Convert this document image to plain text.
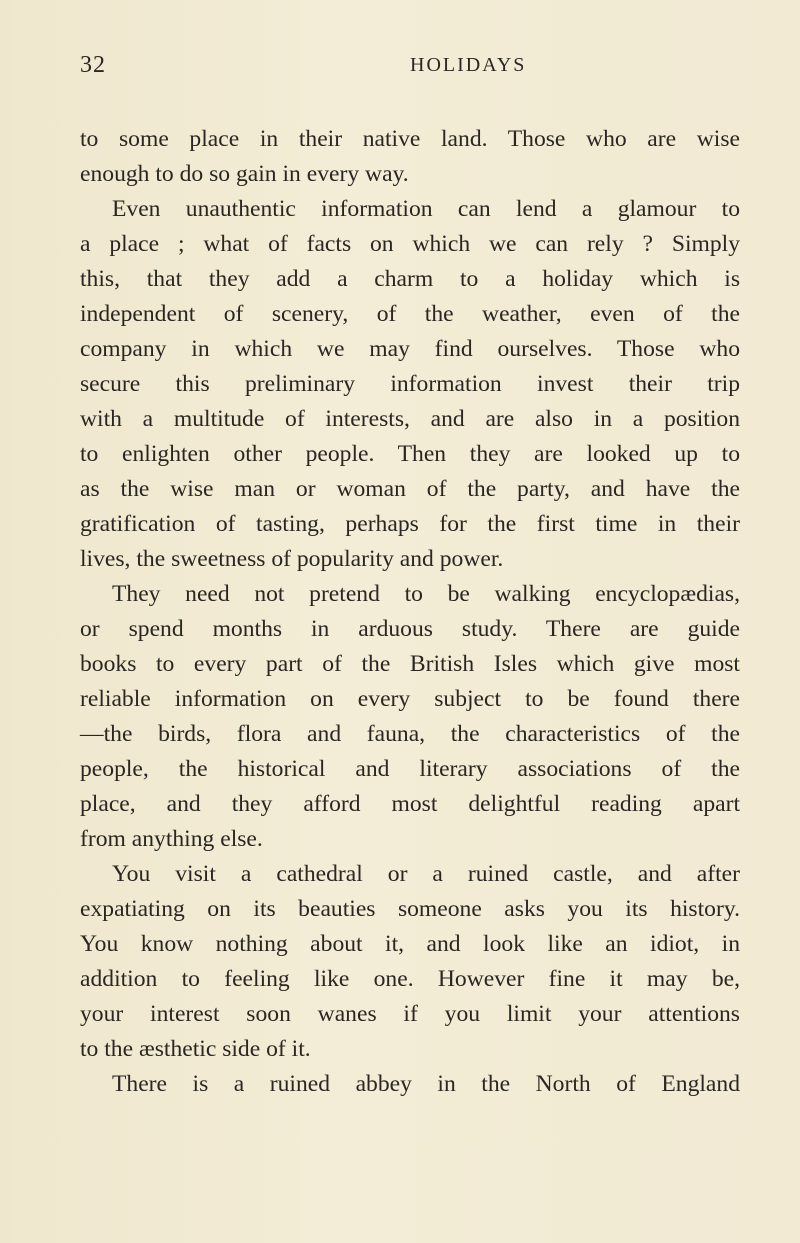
32	HOLIDAYS
to some place in their native land. Those who are wise
enough to do so gain in every way.
Even unauthentic information can lend a glamour to
a place ; what of facts on which we can rely ? Simply
this, that they add a charm to a holiday which is
independent of scenery, of the weather, even of the
company in which we may find ourselves. Those who
secure this preliminary information invest their trip
with a multitude of interests, and are also in a position
to enlighten other people. Then they are looked up to
as the wise man or woman of the party, and have the
gratification of tasting, perhaps for the first time in their
lives, the sweetness of popularity and power.
They need not pretend to be walking encyclopædias,
or spend months in arduous study. There are guide
books to every part of the British Isles which give most
reliable information on every subject to be found there
—the birds, flora and fauna, the characteristics of the
people, the historical and literary associations of the
place, and they afford most delightful reading apart
from anything else.
You visit a cathedral or a ruined castle, and after
expatiating on its beauties someone asks you its history.
You know nothing about it, and look like an idiot, in
addition to feeling like one. However fine it may be,
your interest soon wanes if you limit your attentions
to the æsthetic side of it.
There is a ruined abbey in the North of England
